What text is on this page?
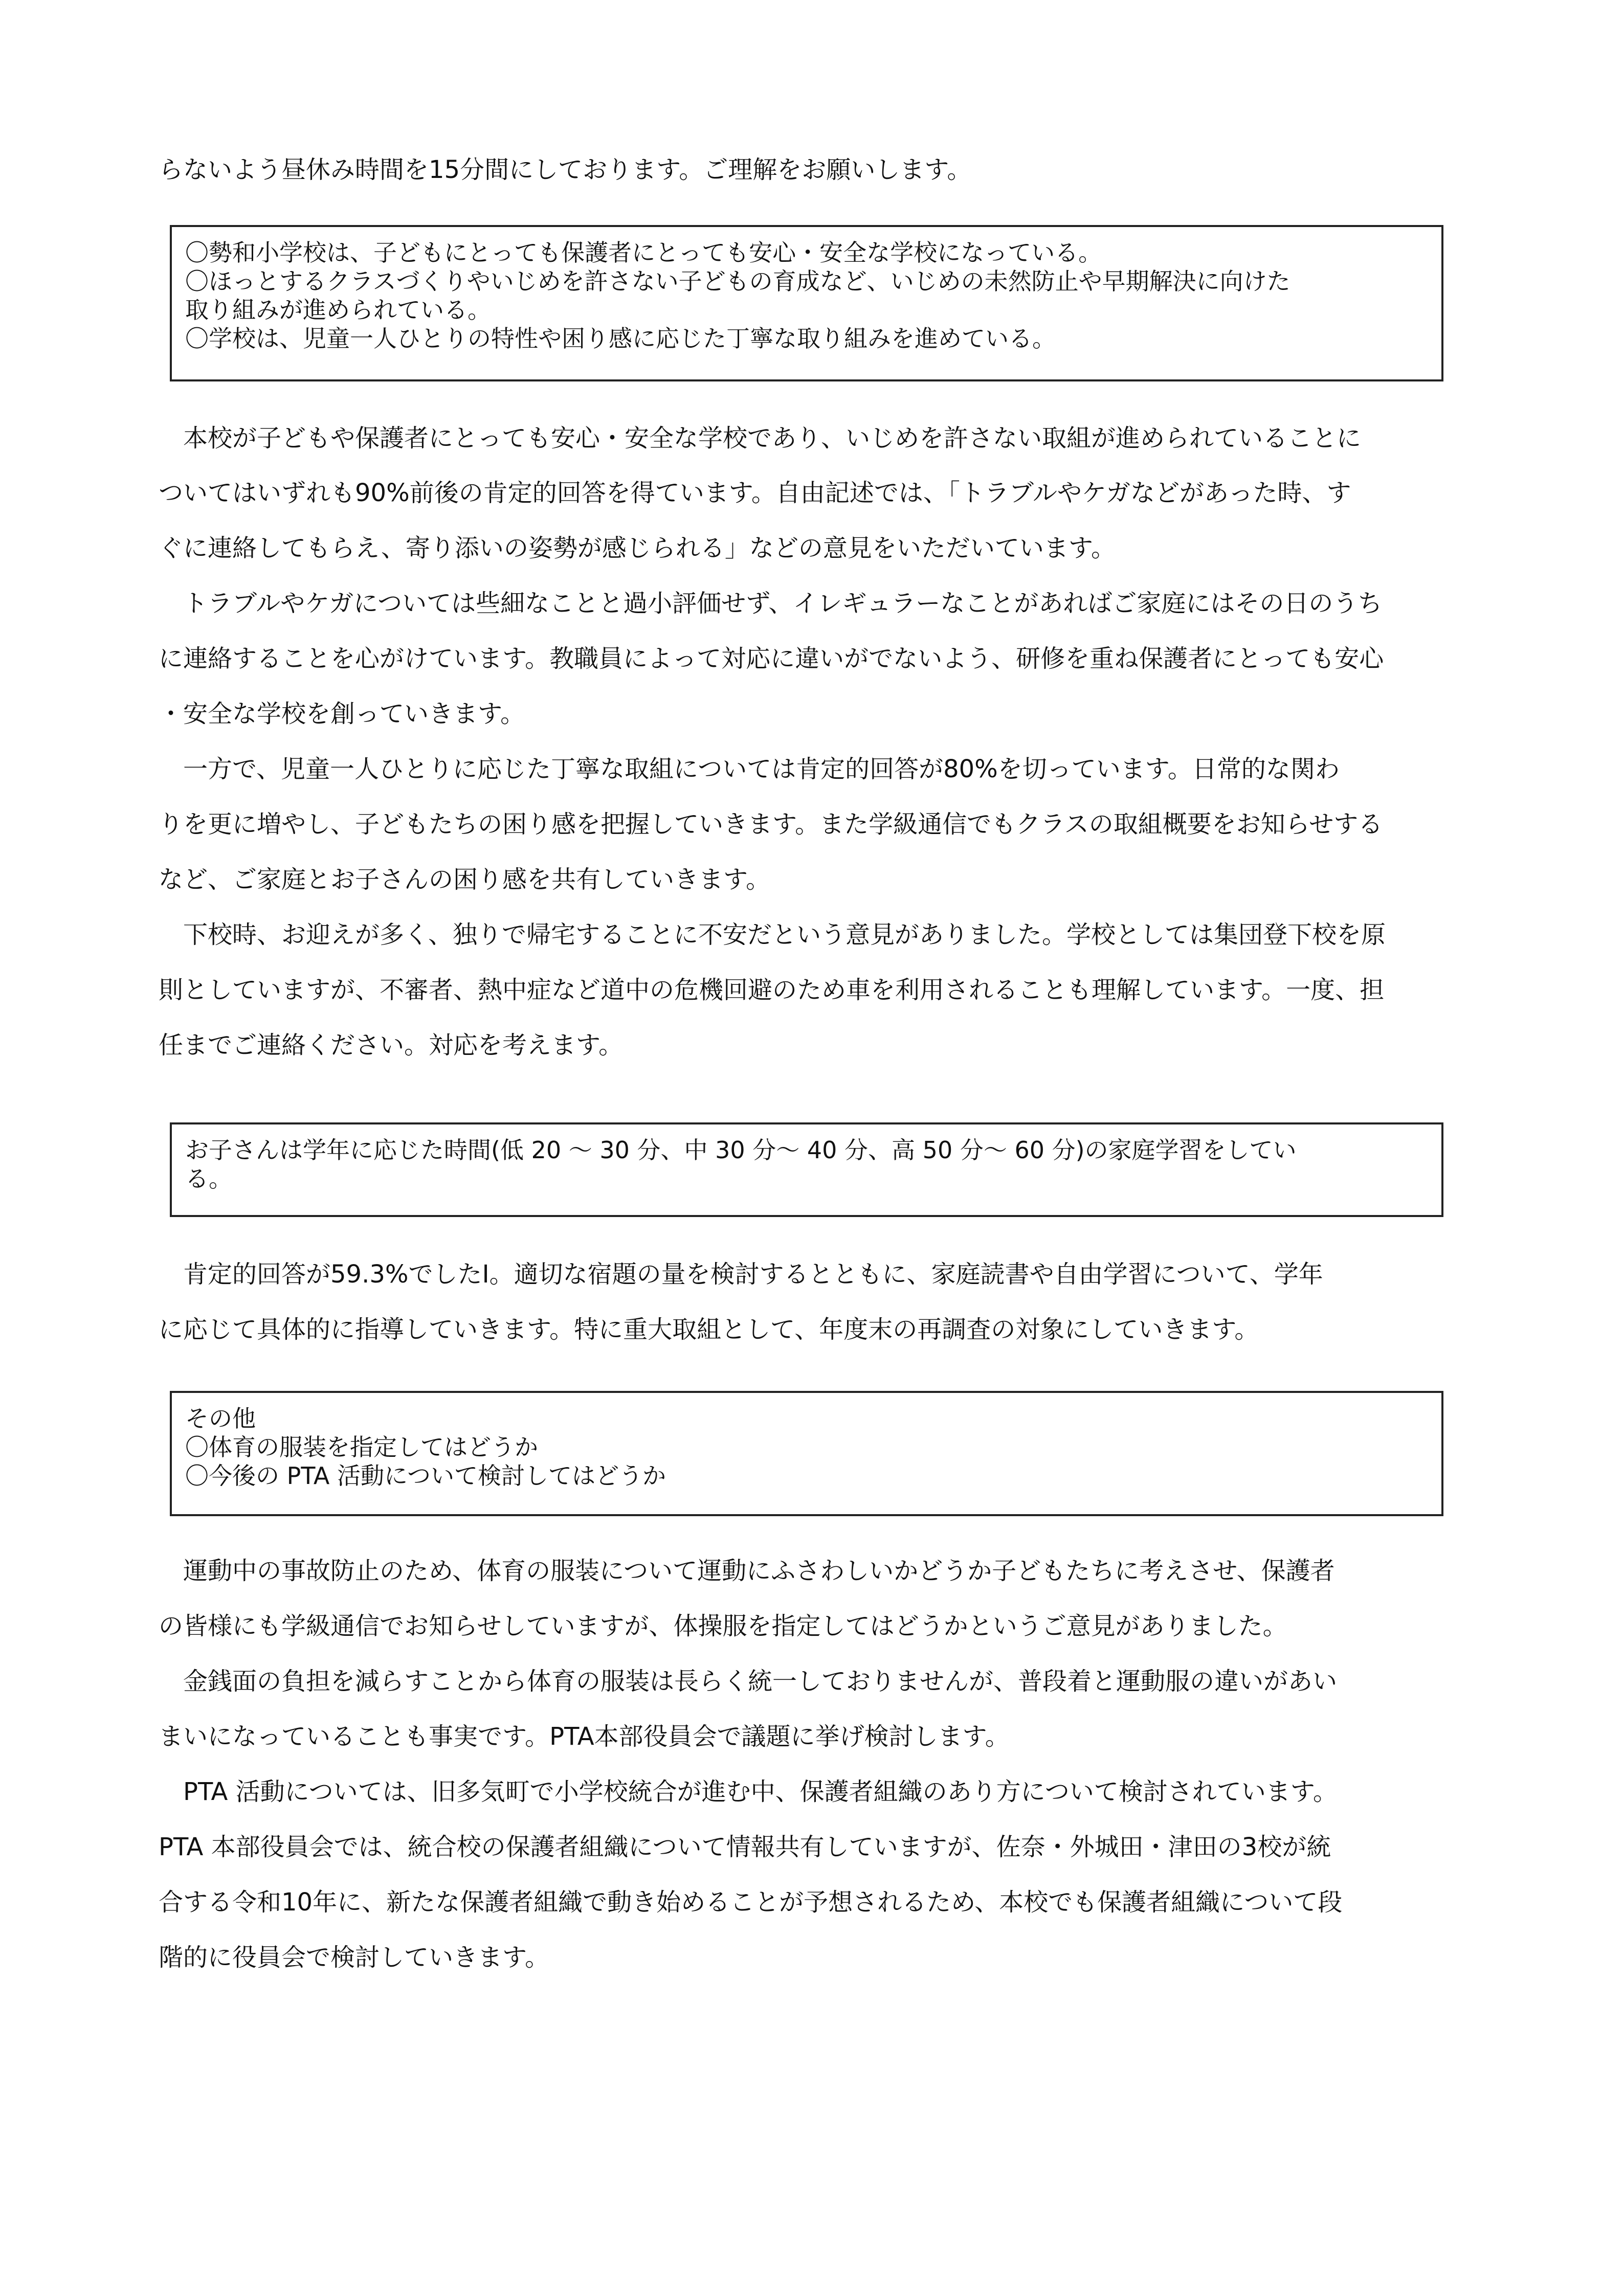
らないよう昼休み時間を15分間にしております。ご理解をお願いします。
〇勢和小学校は、子どもにとっても保護者にとっても安心・安全な学校になっている。
〇ほっとするクラスづくりやいじめを許さない子どもの育成など、いじめの未然防止や早期解決に向けた
取り組みが進められている。
〇学校は、児童一人ひとりの特性や困り感に応じた丁寧な取り組みを進めている。
本校が子どもや保護者にとっても安心・安全な学校であり、いじめを許さない取組が進められていることに
ついてはいずれも90%前後の肯定的回答を得ています。自由記述では、「トラブルやケガなどがあった時、す
ぐに連絡してもらえ、寄り添いの姿勢が感じられる」などの意見をいただいています。
トラブルやケガについては些細なことと過小評価せず、イレギュラーなことがあればご家庭にはその日のうち
に連絡することを心がけています。教職員によって対応に違いがでないよう、研修を重ね保護者にとっても安心
・安全な学校を創っていきます。
一方で、児童一人ひとりに応じた丁寧な取組については肯定的回答が80%を切っています。日常的な関わ
りを更に増やし、子どもたちの困り感を把握していきます。また学級通信でもクラスの取組概要をお知らせする
など、ご家庭とお子さんの困り感を共有していきます。
下校時、お迎えが多く、独りで帰宅することに不安だという意見がありました。学校としては集団登下校を原
則としていますが、不審者、熱中症など道中の危機回避のため車を利用されることも理解しています。一度、担
任までご連絡ください。対応を考えます。
お子さんは学年に応じた時間(低 20 ～ 30 分、中 30 分～ 40 分、高 50 分～ 60 分)の家庭学習をしてい
る。
肯定的回答が59.3%でしたI。適切な宿題の量を検討するとともに、家庭読書や自由学習について、学年
に応じて具体的に指導していきます。特に重大取組として、年度末の再調査の対象にしていきます。
その他
〇体育の服装を指定してはどうか
〇今後の PTA 活動について検討してはどうか
運動中の事故防止のため、体育の服装について運動にふさわしいかどうか子どもたちに考えさせ、保護者
の皆様にも学級通信でお知らせしていますが、体操服を指定してはどうかというご意見がありました。
金銭面の負担を減らすことから体育の服装は長らく統一しておりませんが、普段着と運動服の違いがあい
まいになっていることも事実です。PTA本部役員会で議題に挙げ検討します。
PTA 活動については、旧多気町で小学校統合が進む中、保護者組織のあり方について検討されています。
PTA 本部役員会では、統合校の保護者組織について情報共有していますが、佐奈・外城田・津田の3校が統
合する令和10年に、新たな保護者組織で動き始めることが予想されるため、本校でも保護者組織について段
階的に役員会で検討していきます。
